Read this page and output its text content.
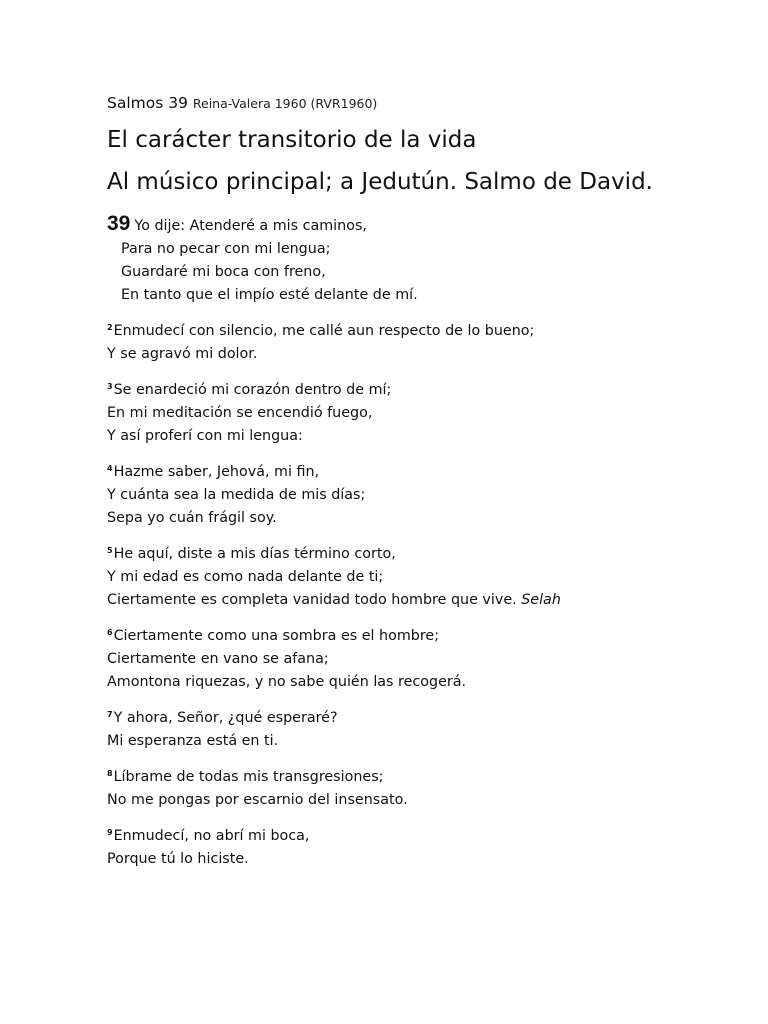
Salmos 39 Reina-Valera 1960 (RVR1960)
El carácter transitorio de la vida
Al músico principal; a Jedutún. Salmo de David.
39 Yo dije: Atenderé a mis caminos,
Para no pecar con mi lengua;
Guardaré mi boca con freno,
En tanto que el impío esté delante de mí.
$^2$Enmudecí con silencio, me callé aun respecto de lo bueno;
Y se agravó mi dolor.
$^3$Se enardeció mi corazón dentro de mí;
En mi meditación se encendió fuego,
Y así proferí con mi lengua:
$^4$Hazme saber, Jehová, mi fin,
Y cuánta sea la medida de mis días;
Sepa yo cuán frágil soy.
$^5$He aquí, diste a mis días término corto,
Y mi edad es como nada delante de ti;
Ciertamente es completa vanidad todo hombre que vive. Selah
$^6$Ciertamente como una sombra es el hombre;
Ciertamente en vano se afana;
Amontona riquezas, y no sabe quién las recogerá.
$^7$Y ahora, Señor, ¿qué esperaré?
Mi esperanza está en ti.
$^8$Líbrame de todas mis transgresiones;
No me pongas por escarnio del insensato.
$^9$Enmudecí, no abrí mi boca,
Porque tú lo hiciste.
